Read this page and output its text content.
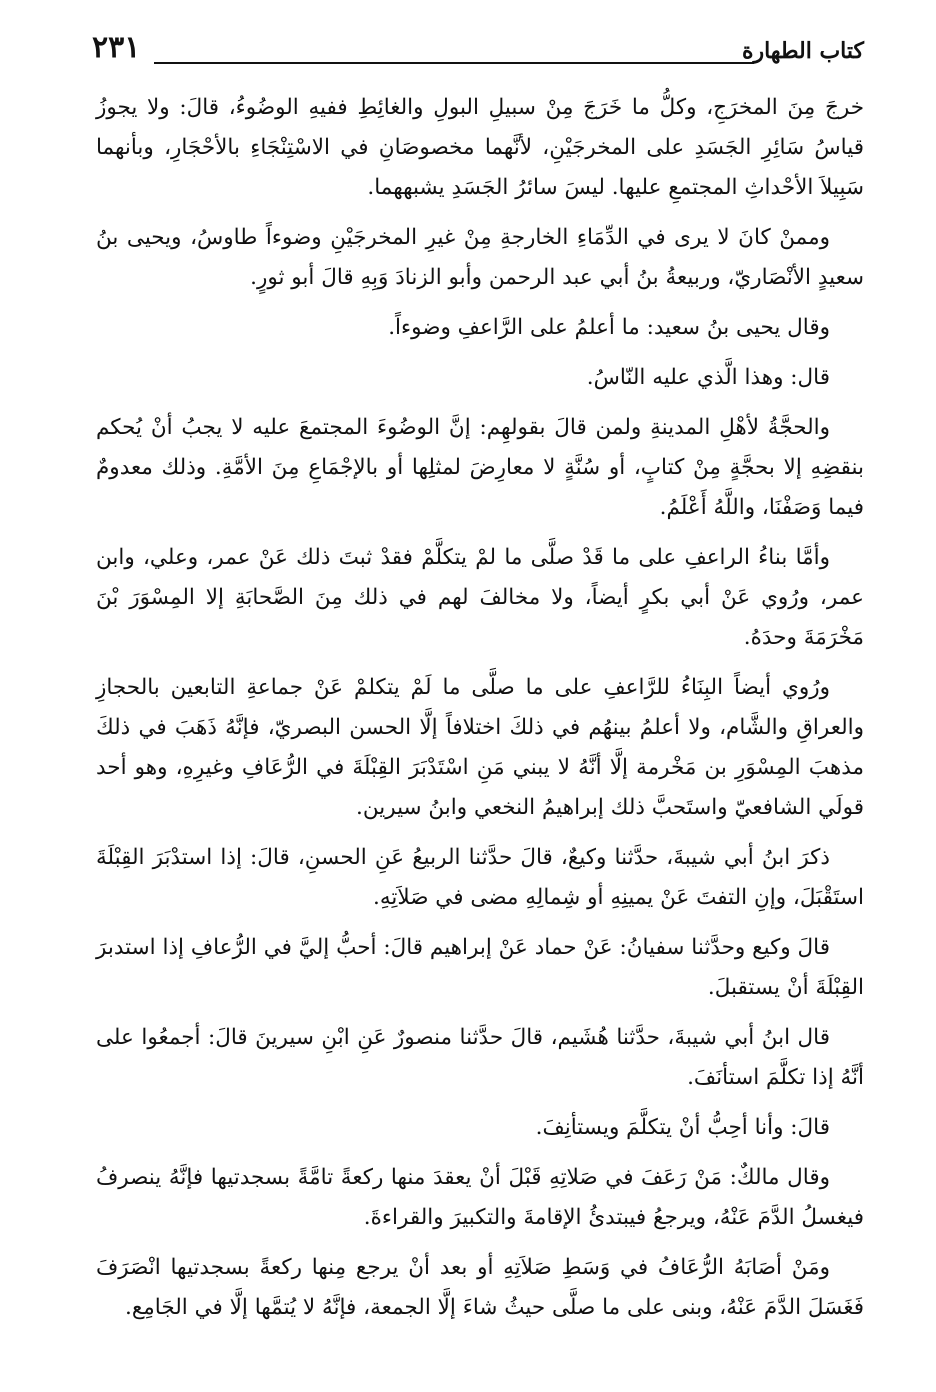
كتاب الطهارة
٢٣١

خرجَ مِنَ المخرَجِ، وكلُّ ما خَرَجَ مِنْ سبيلِ البولِ والغائِطِ ففيهِ الوضُوءُ، قالَ: ولا يجوزُ قياسُ سَائِرِ الجَسَدِ على المخرجَيْنِ، لأنَّهما مخصوصَانِ في الاسْتِنْجَاءِ بالأحْجَارِ، وبأنهما سَبِيلاَ الأحْداثِ المجتمعِ عليها. ليسَ سائرُ الجَسَدِ يشبههما.

وممنْ كانَ لا يرى في الدِّمَاءِ الخارجةِ مِنْ غيرِ المخرجَيْنِ وضوءاً طاوسُ، ويحيى بنُ سعيدٍ الأنْصَاريّ، وربيعةُ بنُ أبي عبد الرحمن وأبو الزنادَ وَبِهِ قالَ أبو ثورٍ.

وقال يحيى بنُ سعيد: ما أعلمُ على الرَّاعفِ وضوءاً.

قال: وهذا الَّذي عليه النّاسُ.

والحجَّةُ لأهْلِ المدينةِ ولمن قالَ بقولهِم: إنَّ الوضُوءَ المجتمعَ عليه لا يجبُ أنْ يُحكم بنقضِهِ إلا بحجَّةٍ مِنْ كتابٍ، أو سُنَّةٍ لا معارِضَ لمثلِها أو بالإجْمَاعِ مِنَ الأمَّةِ. وذلك معدومٌ فيما وَصَفْنَا، واللَّهُ أَعْلَمُ.

وأمَّا بناءُ الراعفِ على ما قَدْ صلَّى ما لمْ يتكلَّمْ فقدْ ثبتَ ذلك عَنْ عمر، وعلي، وابن عمر، ورُوي عَنْ أبي بكرٍ أيضاً، ولا مخالفَ لهم في ذلك مِنَ الصَّحابَةِ إلا المِسْوَرَ بْنَ مَخْرَمَةَ وحدَهُ.

ورُوي أيضاً البِنَاءُ للرَّاعفِ على ما صلَّى ما لَمْ يتكلمْ عَنْ جماعةِ التابعين بالحجازِ والعراقِ والشَّام، ولا أعلمُ بينهُم في ذلكَ اختلافاً إلَّا الحسن البصريّ، فإنَّهُ ذَهَبَ في ذلكَ مذهبَ المِسْوَرِ بن مَخْرمة إلَّا أنَّهُ لا يبني مَنِ اسْتَدْبَرَ القِبْلَةَ في الرُّعَافِ وغيرِهِ، وهو أحد قولَي الشافعيّ واستَحبَّ ذلك إبراهيمُ النخعي وابنُ سيرين.

ذكرَ ابنُ أبي شيبةَ، حدَّثنا وكيعٌ، قالَ حدَّثنا الربيعُ عَنِ الحسنِ، قالَ: إذا استدْبَرَ القِبْلَةَ استَقْبَلَ، وإنِ التفتَ عَنْ يمينِهِ أو شِمالِهِ مضى في صَلاَتِهِ.

قالَ وكيع وحدَّثنا سفيانُ: عَنْ حماد عَنْ إبراهيم قالَ: أحبُّ إليَّ في الرُّعافِ إذا استدبرَ القِبْلَةَ أنْ يستقبلَ.

قال ابنُ أبي شيبةَ، حدَّثنا هُشَيم، قالَ حدَّثنا منصورٌ عَنِ ابْنِ سيرينَ قالَ: أجمعُوا على أنَّهُ إذا تكلَّمَ استأنَفَ.

قالَ: وأنا أحِبُّ أنْ يتكلَّمَ ويستأنِفَ.

وقال مالكٌ: مَنْ رَعَفَ في صَلاتِهِ قَبْلَ أنْ يعقدَ منها ركعةً تامَّةً بسجدتيها فإنَّهُ ينصرفُ فيغسلُ الدَّمَ عَنْهُ، ويرجعُ فيبتدئُ الإقامةَ والتكبيرَ والقراءةَ.

ومَنْ أصَابَهُ الرُّعَافُ في وَسَطِ صَلاَتِهِ أو بعد أنْ يرجع مِنها ركعةً بسجدتيها انْصَرَفَ فَغَسَلَ الدَّمَ عَنْهُ، وبنى على ما صلَّى حيثُ شاءَ إلَّا الجمعة، فإنَّهُ لا يُتمَّها إلَّا في الجَامِع.
